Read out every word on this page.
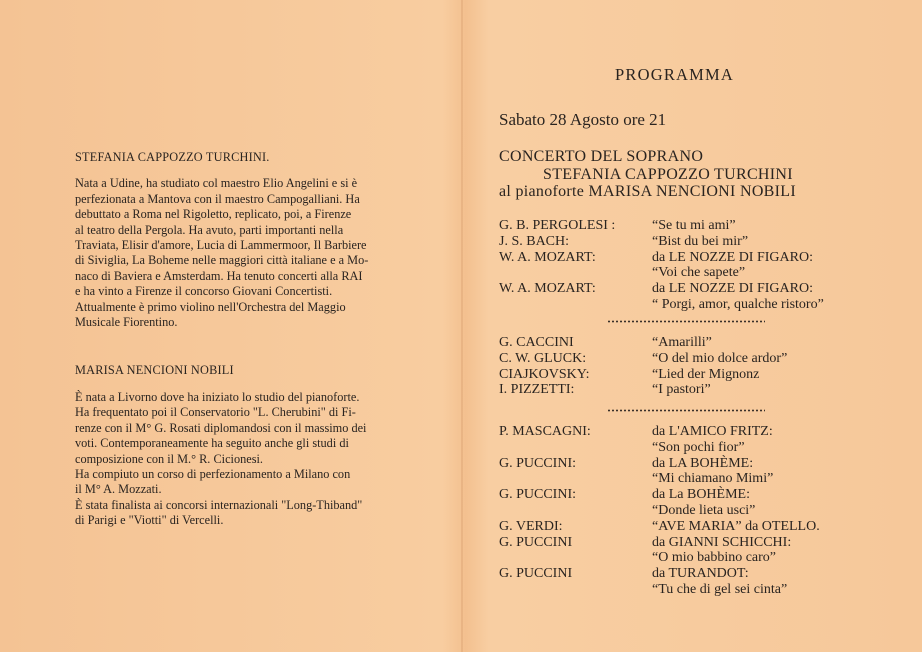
STEFANIA CAPPOZZO TURCHINI.
Nata a Udine, ha studiato col maestro Elio Angelini e si è
perfezionata a Mantova con il maestro Campogalliani. Ha
debuttato a Roma nel Rigoletto, replicato, poi, a Firenze
al teatro della Pergola. Ha avuto, parti importanti nella
Traviata, Elisir d'amore, Lucia di Lammermoor, Il Barbiere
di Siviglia, La Boheme nelle maggiori città italiane e a Mo-
naco di Baviera e Amsterdam. Ha tenuto concerti alla RAI
e ha vinto a Firenze il concorso Giovani Concertisti.
Attualmente è primo violino nell'Orchestra del Maggio
Musicale Fiorentino.
MARISA NENCIONI NOBILI
È nata a Livorno dove ha iniziato lo studio del pianoforte.
Ha frequentato poi il Conservatorio "L. Cherubini" di Fi-
renze con il M° G. Rosati diplomandosi con il massimo dei
voti. Contemporaneamente ha seguito anche gli studi di
composizione con il M.° R. Cicionesi.
Ha compiuto un corso di perfezionamento a Milano con
il M° A. Mozzati.
È stata finalista ai concorsi internazionali "Long-Thiband"
di Parigi e "Viotti" di Vercelli.
PROGRAMMA
Sabato 28 Agosto ore 21
CONCERTO DEL SOPRANO
STEFANIA CAPPOZZO TURCHINI
al pianoforte MARISA NENCIONI NOBILI
G. B. PERGOLESI :	“Se tu mi ami”
J. S. BACH:	“Bist du bei mir”
W. A. MOZART:	da LE NOZZE DI FIGARO:
“Voi che sapete”
W. A. MOZART:	da LE NOZZE DI FIGARO:
“ Porgi, amor, qualche ristoro”
G. CACCINI	“Amarilli”
C. W. GLUCK:	“O del mio dolce ardor”
CIAJKOVSKY:	“Lied der Mignonz
I. PIZZETTI:	“I pastori”
P. MASCAGNI:	da L'AMICO FRITZ:
“Son pochi fior”
G. PUCCINI:	da LA BOHÈME:
“Mi chiamano Mimi”
G. PUCCINI:	da La BOHÈME:
“Donde lieta usci”
G. VERDI:	“AVE MARIA” da OTELLO.
G. PUCCINI	da GIANNI SCHICCHI:
“O mio babbino caro”
G. PUCCINI	da TURANDOT:
“Tu che di gel sei cinta”
